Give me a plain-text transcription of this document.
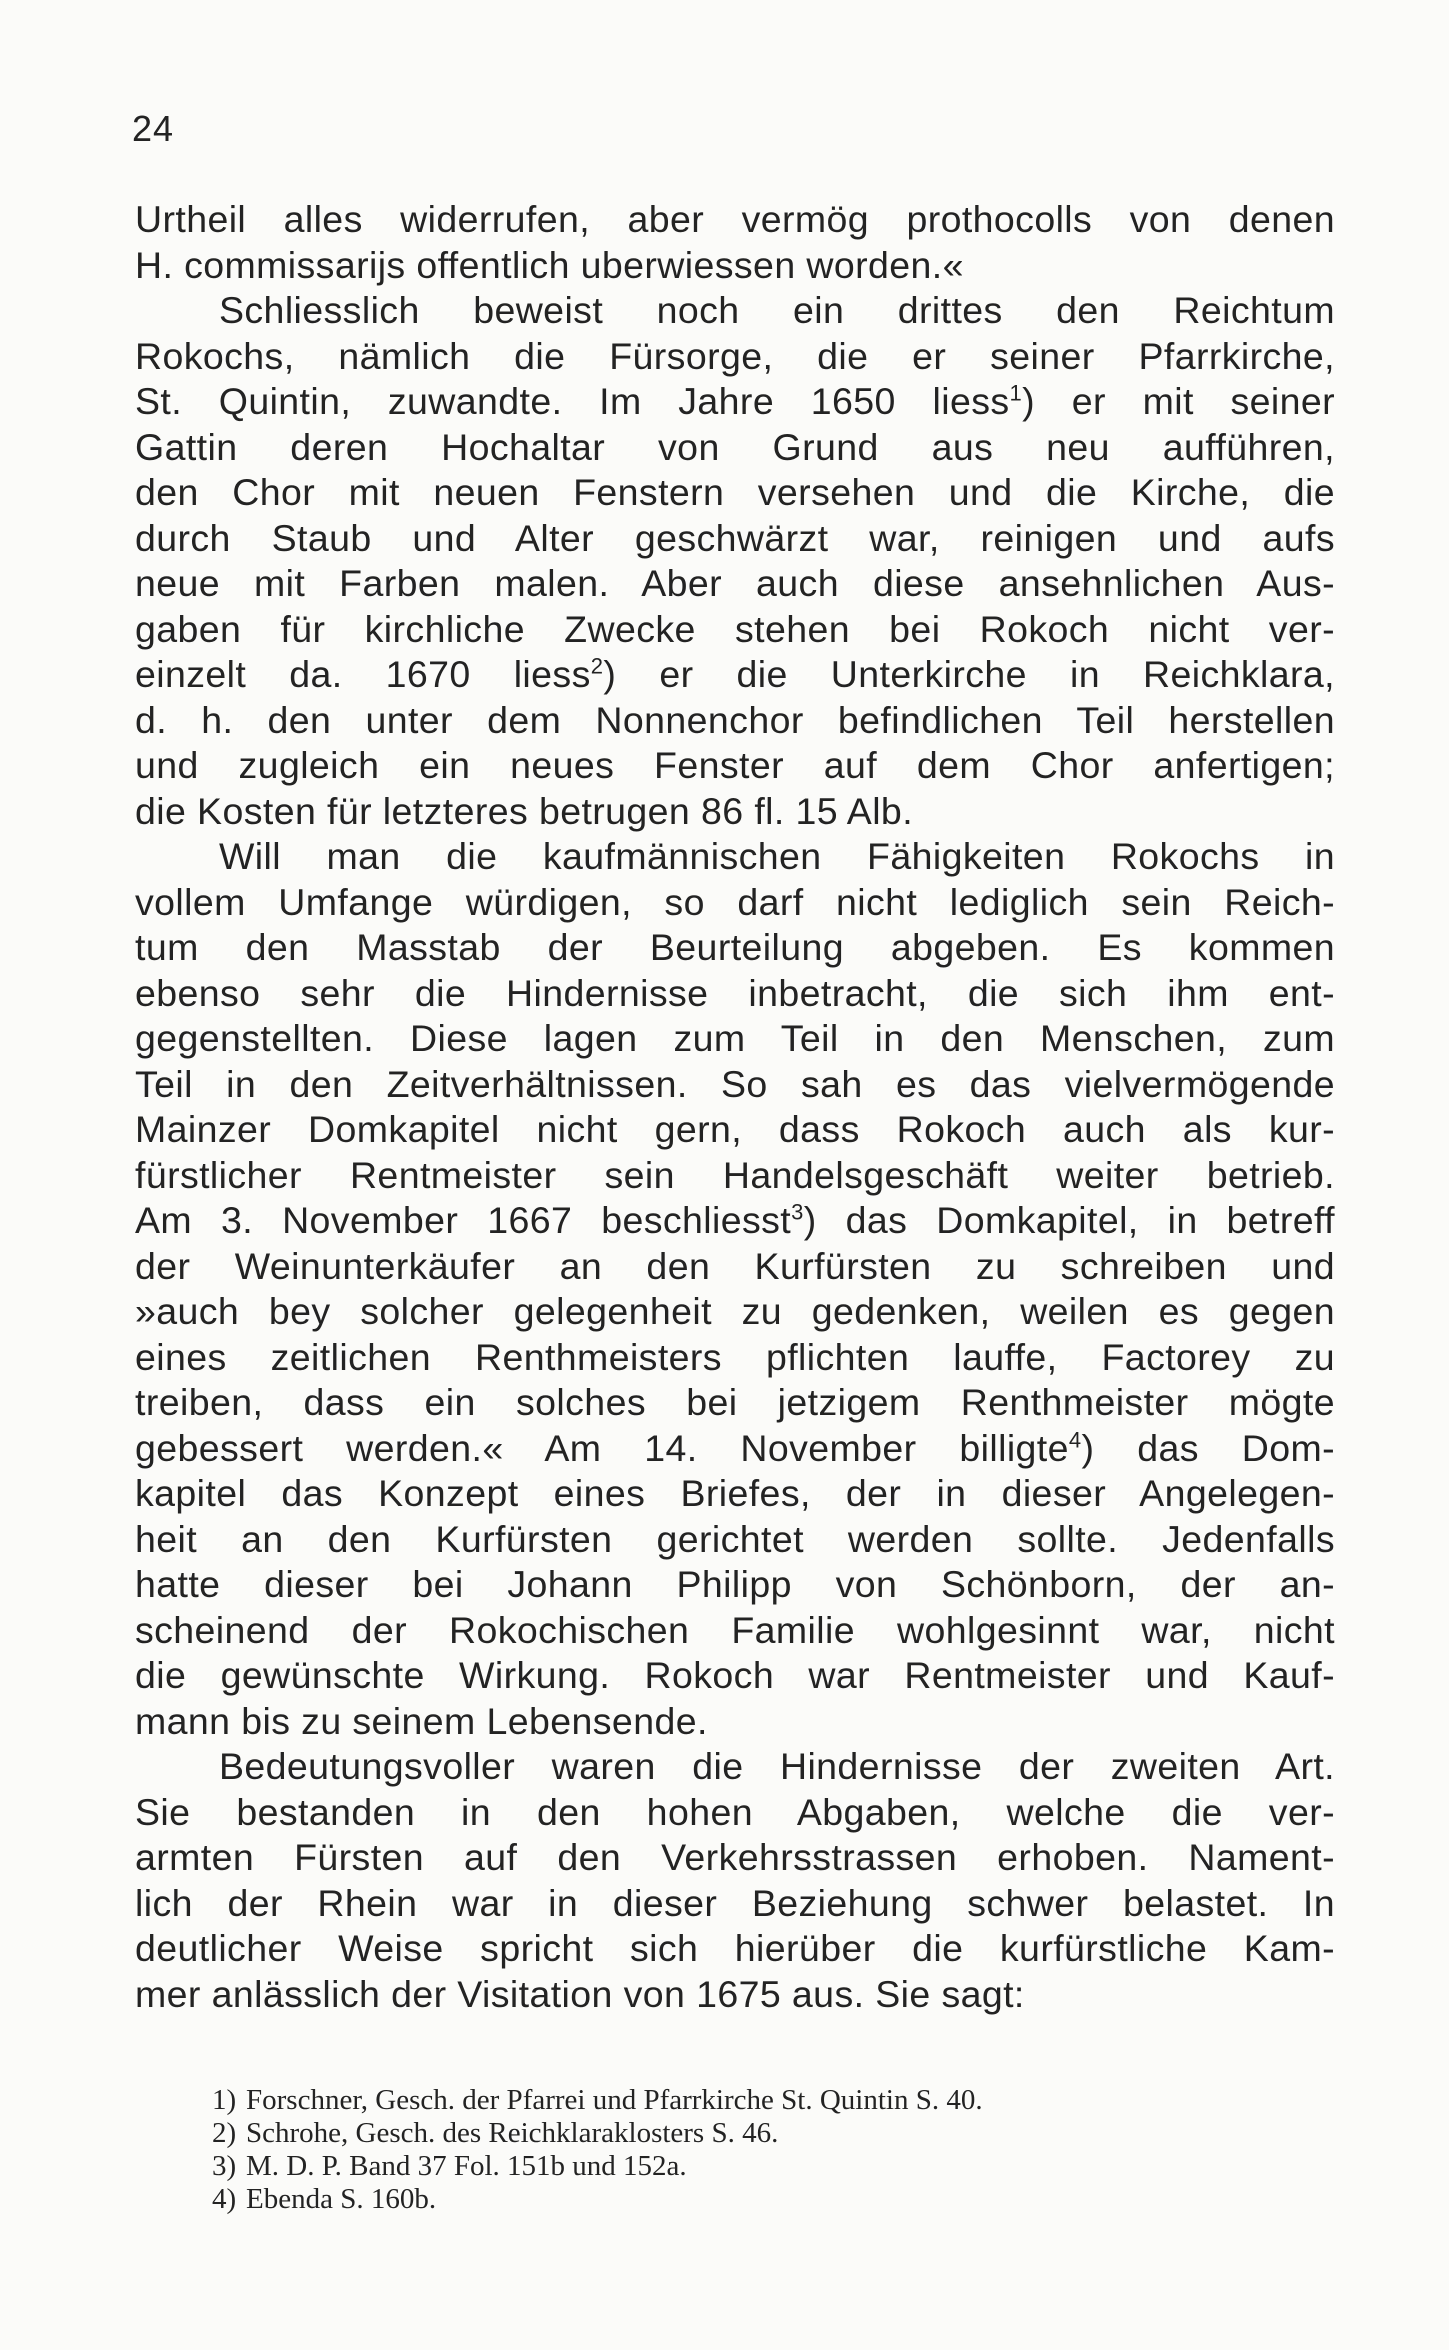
24
Urtheil alles widerrufen, aber vermög prothocolls von denen
H. commissarijs offentlich uberwiessen worden.«
Schliesslich beweist noch ein drittes den Reichtum
Rokochs, nämlich die Fürsorge, die er seiner Pfarrkirche,
St. Quintin, zuwandte. Im Jahre 1650 liess$^1$) er mit seiner
Gattin deren Hochaltar von Grund aus neu aufführen,
den Chor mit neuen Fenstern versehen und die Kirche, die
durch Staub und Alter geschwärzt war, reinigen und aufs
neue mit Farben malen. Aber auch diese ansehnlichen Aus-
gaben für kirchliche Zwecke stehen bei Rokoch nicht ver-
einzelt da. 1670 liess$^2$) er die Unterkirche in Reichklara,
d. h. den unter dem Nonnenchor befindlichen Teil herstellen
und zugleich ein neues Fenster auf dem Chor anfertigen;
die Kosten für letzteres betrugen 86 fl. 15 Alb.
Will man die kaufmännischen Fähigkeiten Rokochs in
vollem Umfange würdigen, so darf nicht lediglich sein Reich-
tum den Masstab der Beurteilung abgeben. Es kommen
ebenso sehr die Hindernisse inbetracht, die sich ihm ent-
gegenstellten. Diese lagen zum Teil in den Menschen, zum
Teil in den Zeitverhältnissen. So sah es das vielvermögende
Mainzer Domkapitel nicht gern, dass Rokoch auch als kur-
fürstlicher Rentmeister sein Handelsgeschäft weiter betrieb.
Am 3. November 1667 beschliesst$^3$) das Domkapitel, in betreff
der Weinunterkäufer an den Kurfürsten zu schreiben und
»auch bey solcher gelegenheit zu gedenken, weilen es gegen
eines zeitlichen Renthmeisters pflichten lauffe, Factorey zu
treiben, dass ein solches bei jetzigem Renthmeister mögte
gebessert werden.« Am 14. November billigte$^4$) das Dom-
kapitel das Konzept eines Briefes, der in dieser Angelegen-
heit an den Kurfürsten gerichtet werden sollte. Jedenfalls
hatte dieser bei Johann Philipp von Schönborn, der an-
scheinend der Rokochischen Familie wohlgesinnt war, nicht
die gewünschte Wirkung. Rokoch war Rentmeister und Kauf-
mann bis zu seinem Lebensende.
Bedeutungsvoller waren die Hindernisse der zweiten Art.
Sie bestanden in den hohen Abgaben, welche die ver-
armten Fürsten auf den Verkehrsstrassen erhoben. Nament-
lich der Rhein war in dieser Beziehung schwer belastet. In
deutlicher Weise spricht sich hierüber die kurfürstliche Kam-
mer anlässlich der Visitation von 1675 aus. Sie sagt:
1) Forschner, Gesch. der Pfarrei und Pfarrkirche St. Quintin S. 40.
2) Schrohe, Gesch. des Reichklaraklosters S. 46.
3) M. D. P. Band 37 Fol. 151b und 152a.
4) Ebenda S. 160b.
